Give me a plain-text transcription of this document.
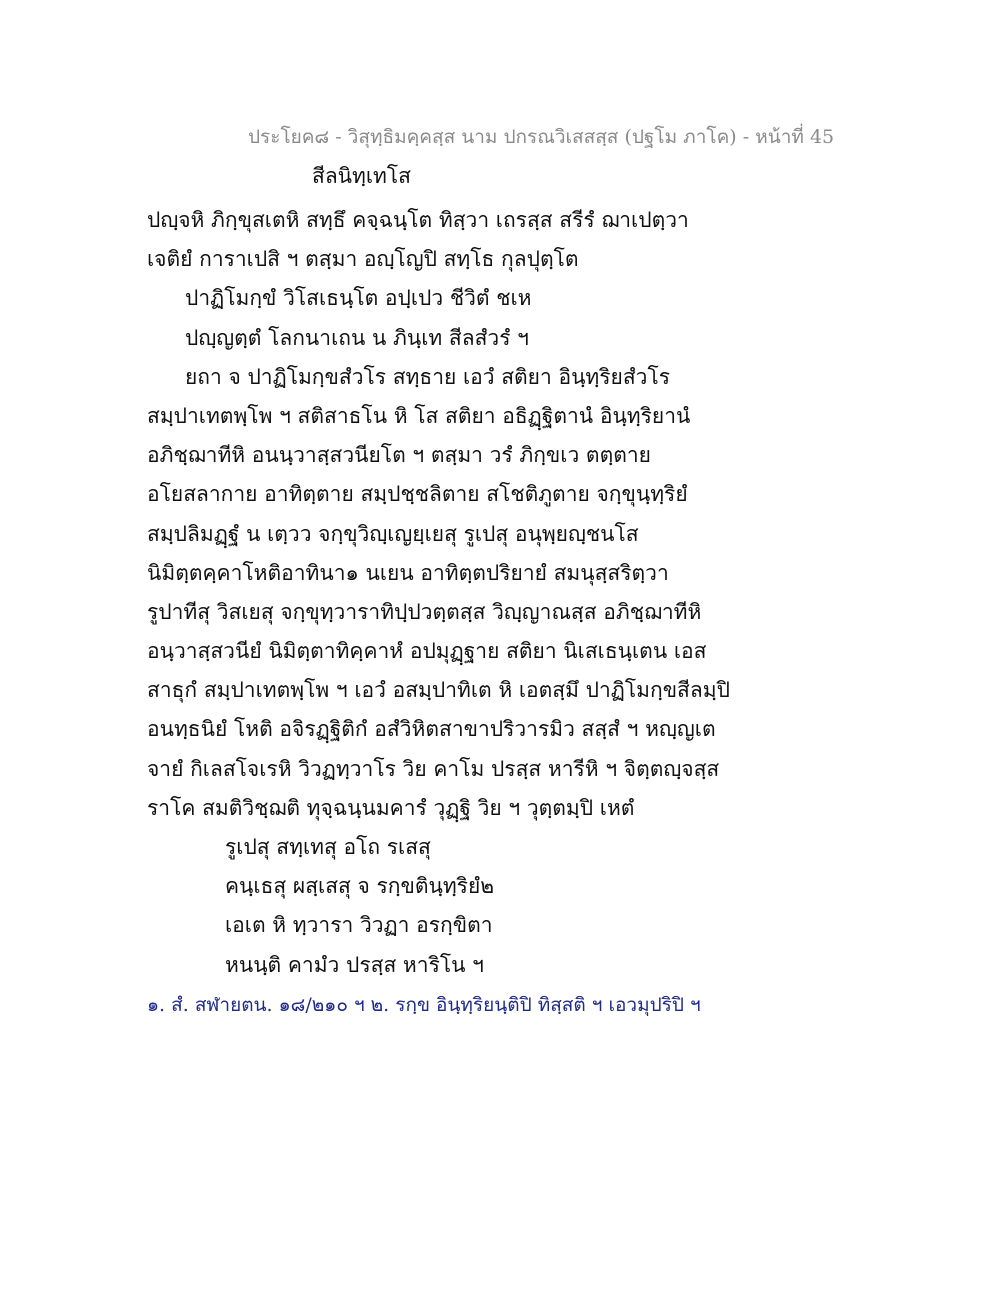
ประโยค๘ - วิสุทฺธิมคฺคสฺส นาม ปกรณวิเสสสฺส (ปฐโม ภาโค) - หน้าที่ 45
สีลนิทฺเทโส
ปญฺจหิ ภิกฺขุสเตหิ สทฺธึ คจฺฉนฺโต ทิสฺวา เถรสฺส สรีรํ ฌาเปตฺวา
เจติยํ การาเปสิ ฯ ตสฺมา อญฺโญปิ สทฺโธ กุลปุตฺโต
ปาฏิโมกฺขํ วิโสเธนฺโต อปฺเปว ชีวิตํ ชเห
ปญฺญตฺตํ โลกนาเถน น ภินฺเท สีลสํวรํ ฯ
ยถา จ ปาฏิโมกฺขสํวโร สทฺธาย เอวํ สติยา อินฺทฺริยสํวโร
สมฺปาเทตพฺโพ ฯ สติสาธโน หิ โส สติยา อธิฏฺฐิตานํ อินฺทฺริยานํ
อภิชฺฌาทีหิ อนนฺวาสฺสวนียโต ฯ ตสฺมา วรํ ภิกฺขเว ตตฺตาย
อโยสลากาย อาทิตฺตาย สมฺปชฺชลิตาย สโชติภูตาย จกฺขุนฺทฺริยํ
สมฺปลิมฏฺฐํ น เตฺวว จกฺขุวิญฺเญยฺเยสุ รูเปสุ อนุพฺยญฺชนโส
นิมิตฺตคฺคาโหติอาทินา๑ นเยน อาทิตฺตปริยายํ สมนุสฺสริตฺวา
รูปาทีสุ วิสเยสุ จกฺขุทฺวาราทิปฺปวตฺตสฺส วิญฺญาณสฺส อภิชฺฌาทีหิ
อนฺวาสฺสวนียํ นิมิตฺตาทิคฺคาหํ อปมุฏฺฐาย สติยา นิเสเธนฺเตน เอส
สาธุกํ สมฺปาเทตพฺโพ ฯ เอวํ อสมฺปาทิเต หิ เอตสฺมึ ปาฏิโมกฺขสีลมฺปิ
อนทฺธนิยํ โหติ อจิรฏฺฐิติกํ อสํวิหิตสาขาปริวารมิว สสฺสํ ฯ หญฺญเต
จายํ กิเลสโจเรหิ วิวฏทฺวาโร วิย คาโม ปรสฺส หารีหิ ฯ จิตฺตญฺจสฺส
ราโค สมติวิชฺฌติ ทุจฺฉนฺนมคารํ วุฏฺฐิ วิย ฯ วุตฺตมฺปิ เหตํ
รูเปสุ สทฺเทสุ อโถ รเสสุ
คนฺเธสุ ผสฺเสสุ จ รกฺขตินฺทฺริยํ๒
เอเต หิ ทฺวารา วิวฏา อรกฺขิตา
หนนฺติ คามํว ปรสฺส หาริโน ฯ
๑. สํ. สฬายตน. ๑๘/๒๑๐ ฯ ๒. รกฺข อินฺทฺริยนฺติปิ ทิสฺสติ ฯ เอวมุปริปิ ฯ
